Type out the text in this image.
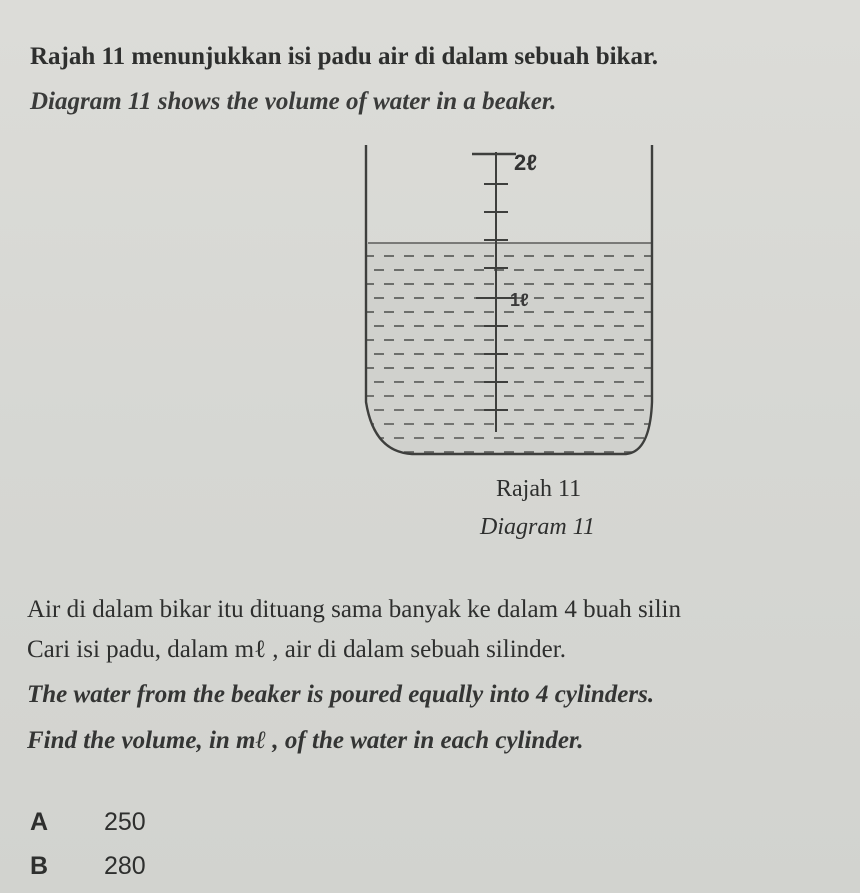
Rajah 11 menunjukkan isi padu air di dalam sebuah bikar.
Diagram 11 shows the volume of water in a beaker.
2ℓ
1ℓ
Rajah 11
Diagram 11
Air di dalam bikar itu dituang sama banyak ke dalam 4 buah silin
Cari isi padu, dalam mℓ , air di dalam sebuah silinder.
The water from the beaker is poured equally into 4 cylinders.
Find the volume, in mℓ , of the water in each cylinder.
A 250
B 280
